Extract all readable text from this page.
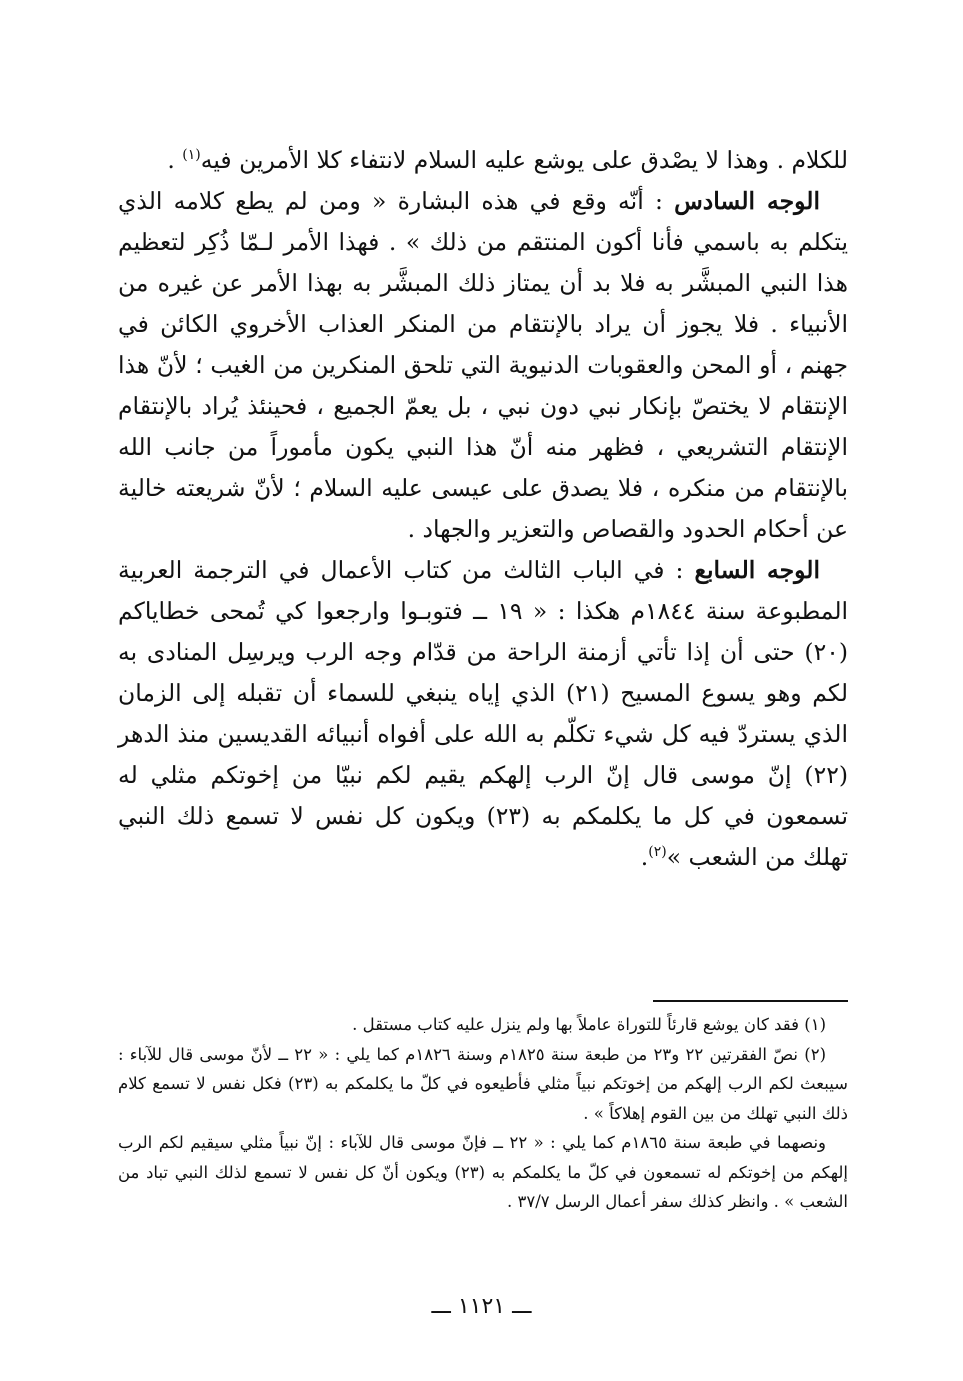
للكلام . وهذا لا يصْدق على يوشع عليه السلام لانتفاء كلا الأمرين فيه$^{(١)}$ .

الوجه السادس : أنّه وقع في هذه البشارة « ومن لم يطع كلامه الذي يتكلم به باسمي فأنا أكون المنتقم من ذلك » . فهذا الأمر لـمّا ذُكِر لتعظيم هذا النبي المبشَّر به فلا بد أن يمتاز ذلك المبشَّر به بهذا الأمر عن غيره من الأنبياء . فلا يجوز أن يراد بالإنتقام من المنكر العذاب الأخروي الكائن في جهنم ، أو المحن والعقوبات الدنيوية التي تلحق المنكرين من الغيب ؛ لأنّ هذا الإنتقام لا يختصّ بإنكار نبي دون نبي ، بل يعمّ الجميع ، فحينئذ يُراد بالإنتقام الإنتقام التشريعي ، فظهر منه أنّ هذا النبي يكون مأموراً من جانب الله بالإنتقام من منكره ، فلا يصدق على عيسى عليه السلام ؛ لأنّ شريعته خالية عن أحكام الحدود والقصاص والتعزير والجهاد .

الوجه السابع : في الباب الثالث من كتاب الأعمال في الترجمة العربية المطبوعة سنة ١٨٤٤م هكذا : « ١٩ ــ فتوبـوا وارجعوا كي تُمحى خطاياكم (٢٠) حتى أن إذا تأتي أزمنة الراحة من قدّام وجه الرب ويرسِل المنادى به لكم وهو يسوع المسيح (٢١) الذي إياه ينبغي للسماء أن تقبله إلى الزمان الذي يستردّ فيه كل شيء تكلّم به الله على أفواه أنبيائه القديسين منذ الدهر (٢٢) إنّ موسى قال إنّ الرب إلهكم يقيم لكم نبيّا من إخوتكم مثلي له تسمعون في كل ما يكلمكم به (٢٣) ويكون كل نفس لا تسمع ذلك النبي تهلك من الشعب »$^{(٢)}$.

(١) فقد كان يوشع قارئاً للتوراة عاملاً بها ولم ينزل عليه كتاب مستقل .

(٢) نصّ الفقرتين ٢٢ و٢٣ من طبعة سنة ١٨٢٥م وسنة ١٨٢٦م كما يلي : « ٢٢ ــ لأنّ موسى قال للآباء : سيبعث لكم الرب إلهكم من إخوتكم نبياً مثلي فأطيعوه في كلّ ما يكلمكم به (٢٣) فكل نفس لا تسمع كلام ذلك النبي تهلك من بين القوم إهلاكاً » .

ونصهما في طبعة سنة ١٨٦٥م كما يلي : « ٢٢ ــ فإنّ موسى قال للآباء : إنّ نبياً مثلي سيقيم لكم الرب إلهكم من إخوتكم له تسمعون في كلّ ما يكلمكم به (٢٣) ويكون أنّ كل نفس لا تسمع لذلك النبي تباد من الشعب » . وانظر كذلك سفر أعمال الرسل ٣٧/٧ .

ـــ ١١٢١ ـــ
